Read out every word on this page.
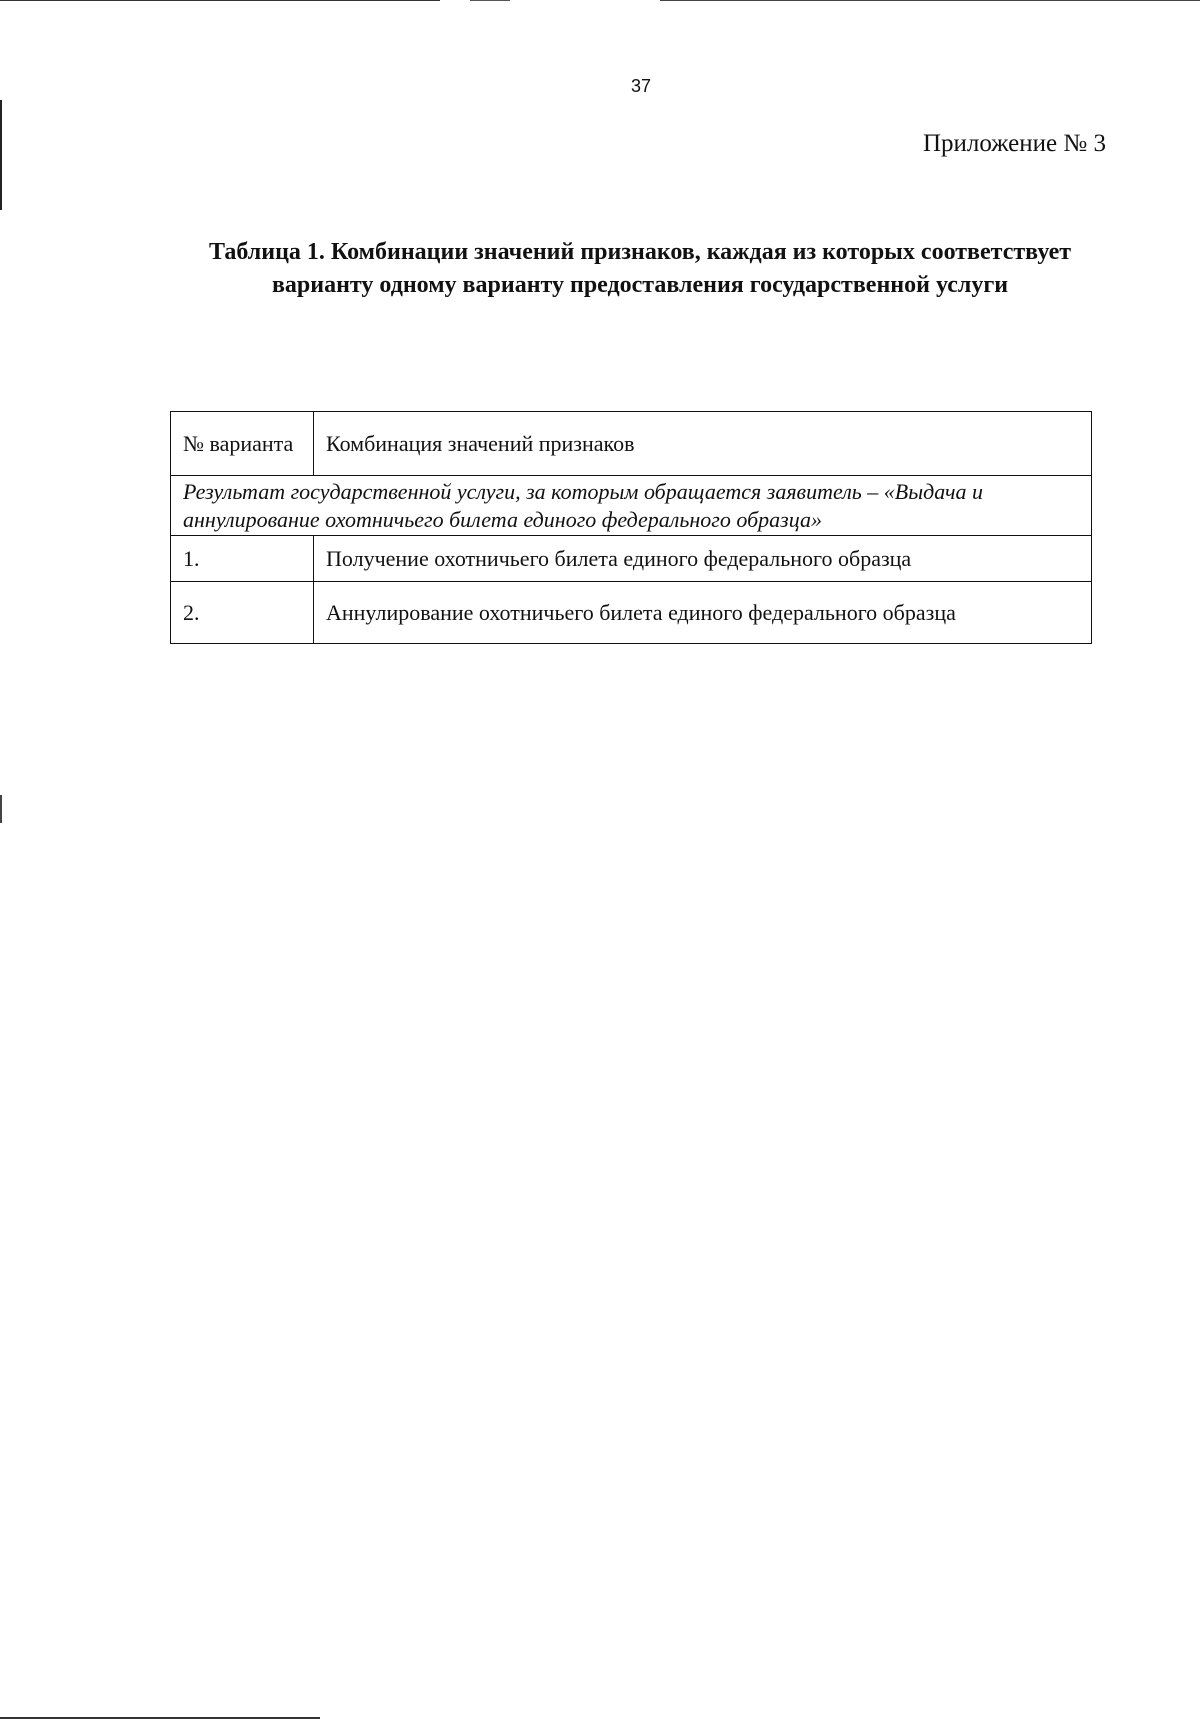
37
Приложение № 3
Таблица 1. Комбинации значений признаков, каждая из которых соответствует варианту одному варианту предоставления государственной услуги
№ варианта	Комбинация значений признаков
Результат государственной услуги, за которым обращается заявитель – «Выдача и аннулирование охотничьего билета единого федерального образца»	
1.	Получение охотничьего билета единого федерального образца
2.	Аннулирование охотничьего билета единого федерального образца
